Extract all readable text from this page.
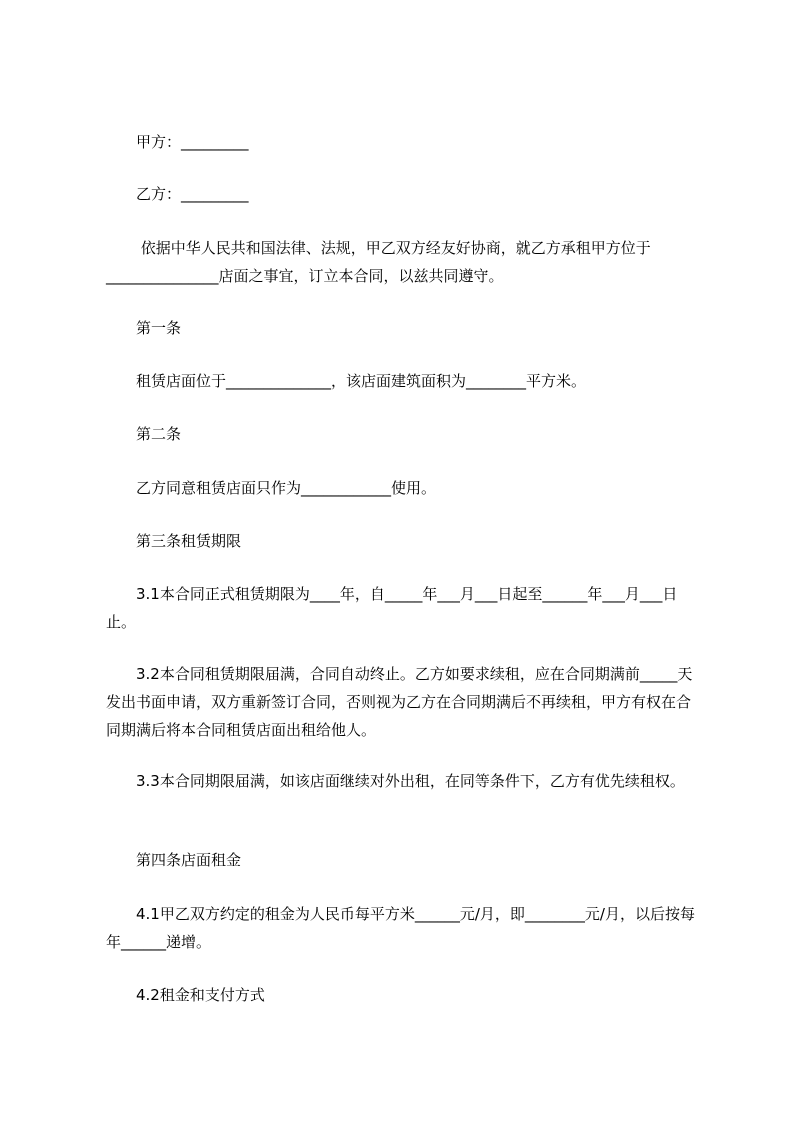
甲方：_________

乙方：_________

依据中华人民共和国法律、法规，甲乙双方经友好协商，就乙方承租甲方位于_______________店面之事宜，订立本合同，以兹共同遵守。

第一条

租赁店面位于______________，该店面建筑面积为________平方米。

第二条

乙方同意租赁店面只作为____________使用。

第三条租赁期限

3.1本合同正式租赁期限为____年，自_____年___月___日起至______年___月___日止。

3.2本合同租赁期限届满，合同自动终止。乙方如要求续租，应在合同期满前_____天发出书面申请，双方重新签订合同，否则视为乙方在合同期满后不再续租，甲方有权在合同期满后将本合同租赁店面出租给他人。

3.3本合同期限届满，如该店面继续对外出租，在同等条件下，乙方有优先续租权。

第四条店面租金

4.1甲乙双方约定的租金为人民币每平方米______元/月，即________元/月，以后按每年______递增。

4.2租金和支付方式
